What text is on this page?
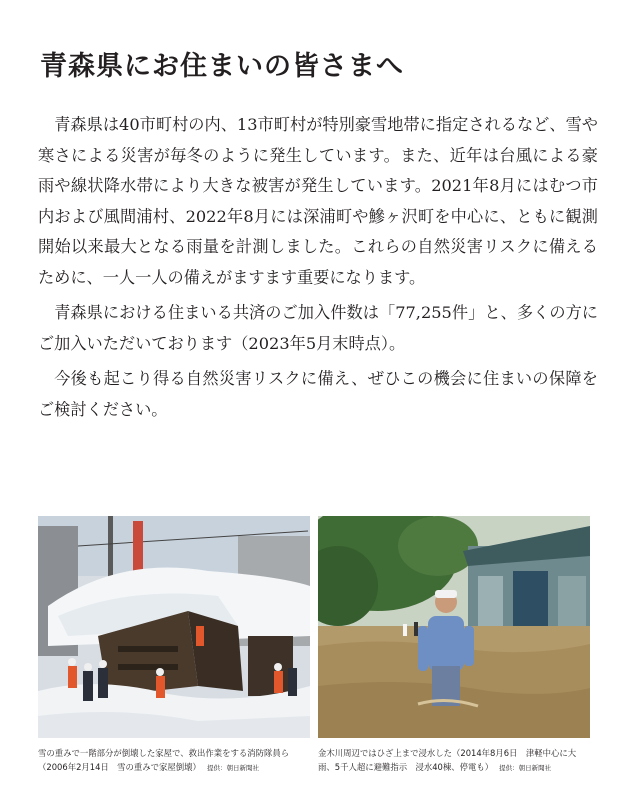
青森県にお住まいの皆さまへ

青森県は40市町村の内、13市町村が特別豪雪地帯に指定されるなど、雪や寒さによる災害が毎冬のように発生しています。また、近年は台風による豪雨や線状降水帯により大きな被害が発生しています。2021年8月にはむつ市内および風間浦村、2022年8月には深浦町や鰺ヶ沢町を中心に、ともに観測開始以来最大となる雨量を計測しました。これらの自然災害リスクに備えるために、一人一人の備えがますます重要になります。

青森県における住まいる共済のご加入件数は「77,255件」と、多くの方にご加入いただいております（2023年5月末時点）。

今後も起こり得る自然災害リスクに備え、ぜひこの機会に住まいの保障をご検討ください。

雪の重みで一階部分が倒壊した家屋で、救出作業をする消防隊員ら（2006年2月14日　雪の重みで家屋倒壊） 提供：朝日新聞社
金木川周辺ではひざ上まで浸水した（2014年8月6日　津軽中心に大雨、5千人超に避難指示　浸水40棟、停電も） 提供：朝日新聞社
